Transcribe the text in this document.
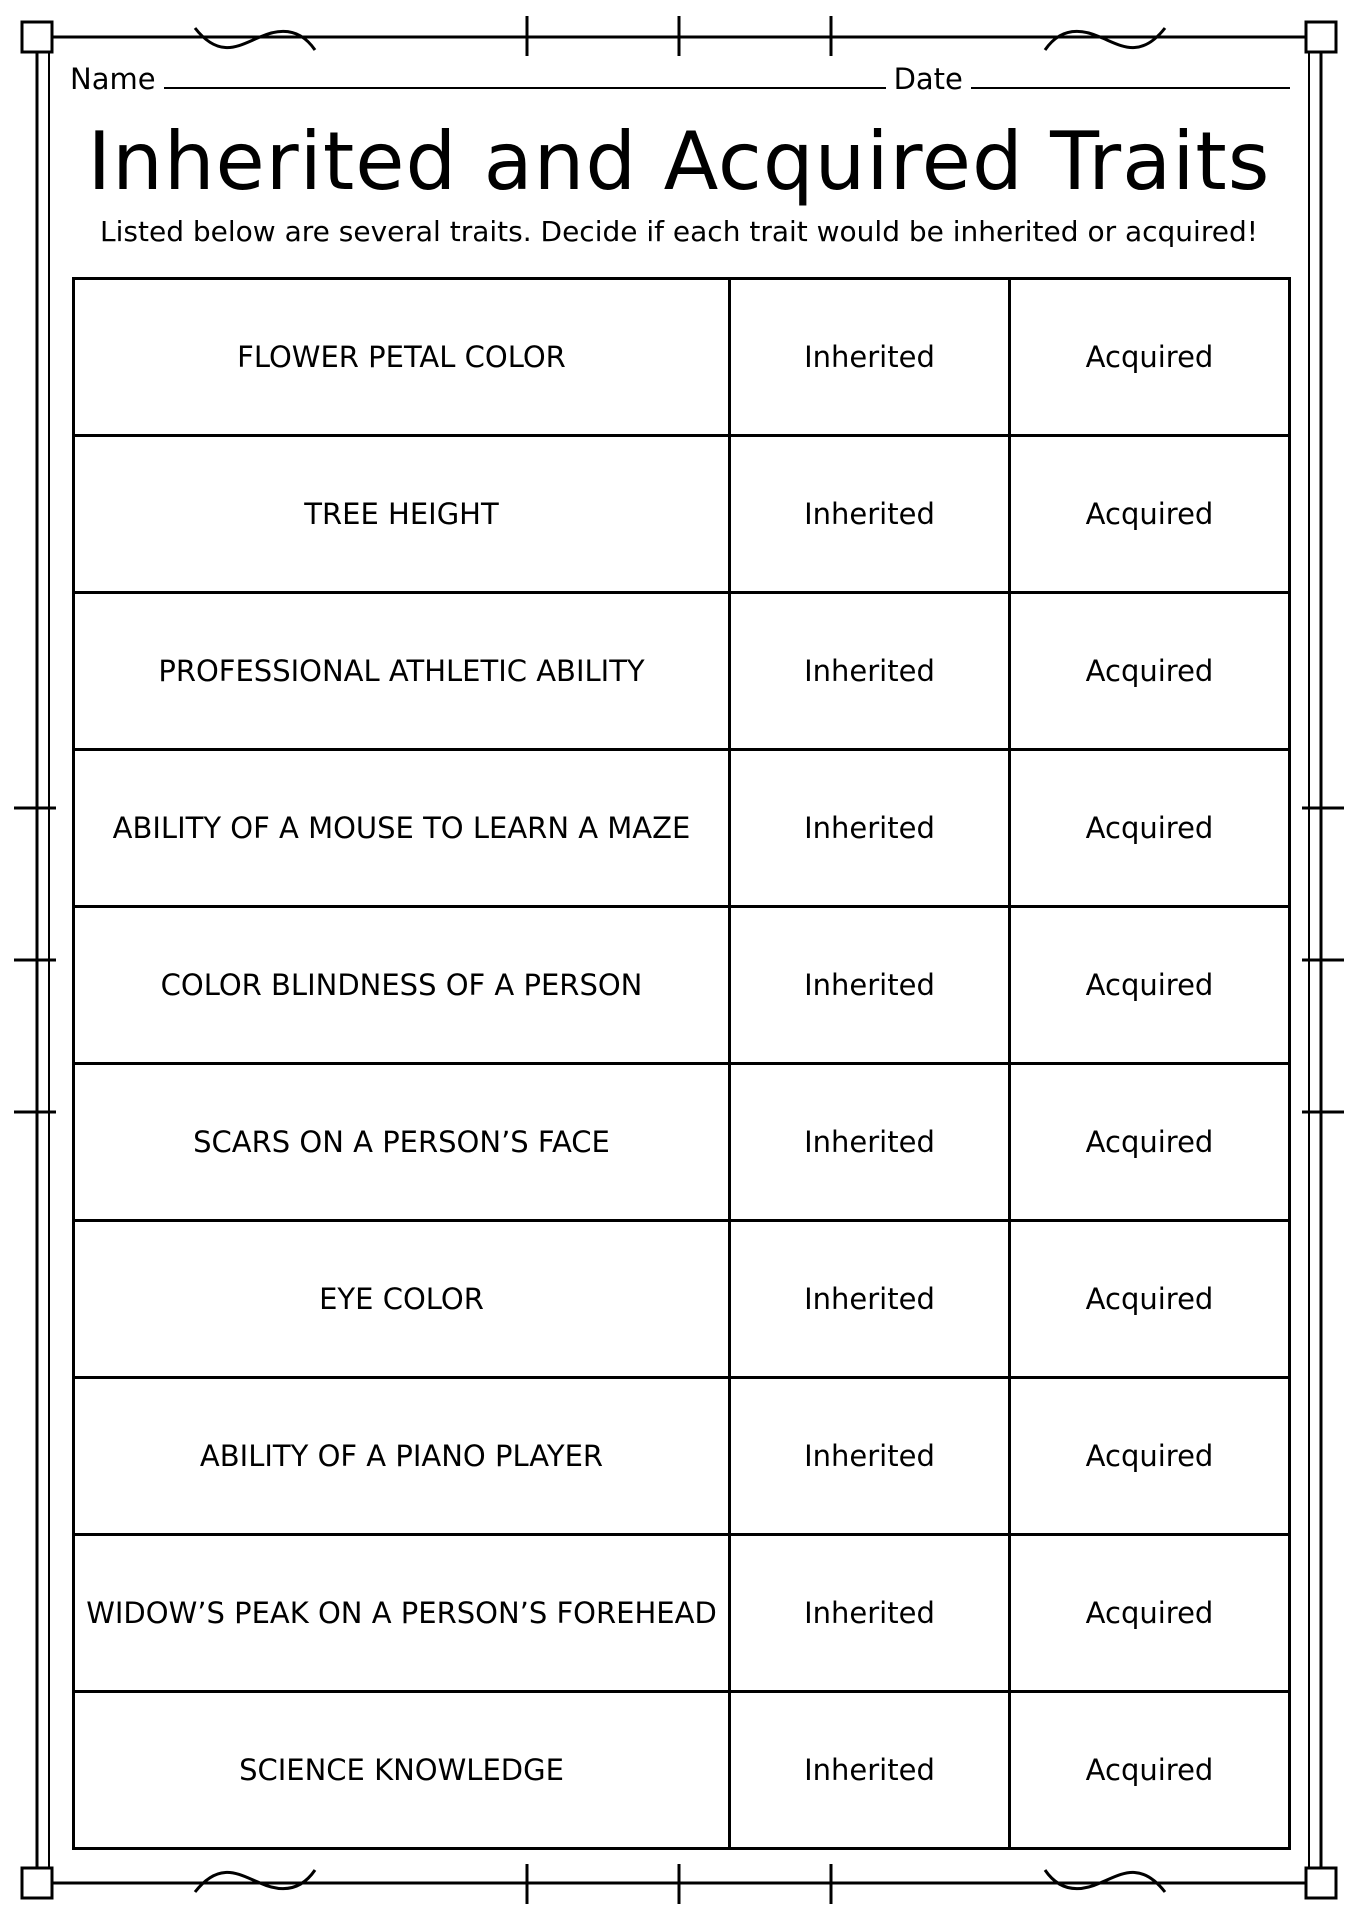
Name	Date
Inherited and Acquired Traits

Listed below are several traits. Decide if each trait would be inherited or acquired!

FLOWER PETAL COLOR	Inherited	Acquired
TREE HEIGHT	Inherited	Acquired
PROFESSIONAL ATHLETIC ABILITY	Inherited	Acquired
ABILITY OF A MOUSE TO LEARN A MAZE	Inherited	Acquired
COLOR BLINDNESS OF A PERSON	Inherited	Acquired
SCARS ON A PERSON’S FACE	Inherited	Acquired
EYE COLOR	Inherited	Acquired
ABILITY OF A PIANO PLAYER	Inherited	Acquired
WIDOW’S PEAK ON A PERSON’S FOREHEAD	Inherited	Acquired
SCIENCE KNOWLEDGE	Inherited	Acquired
